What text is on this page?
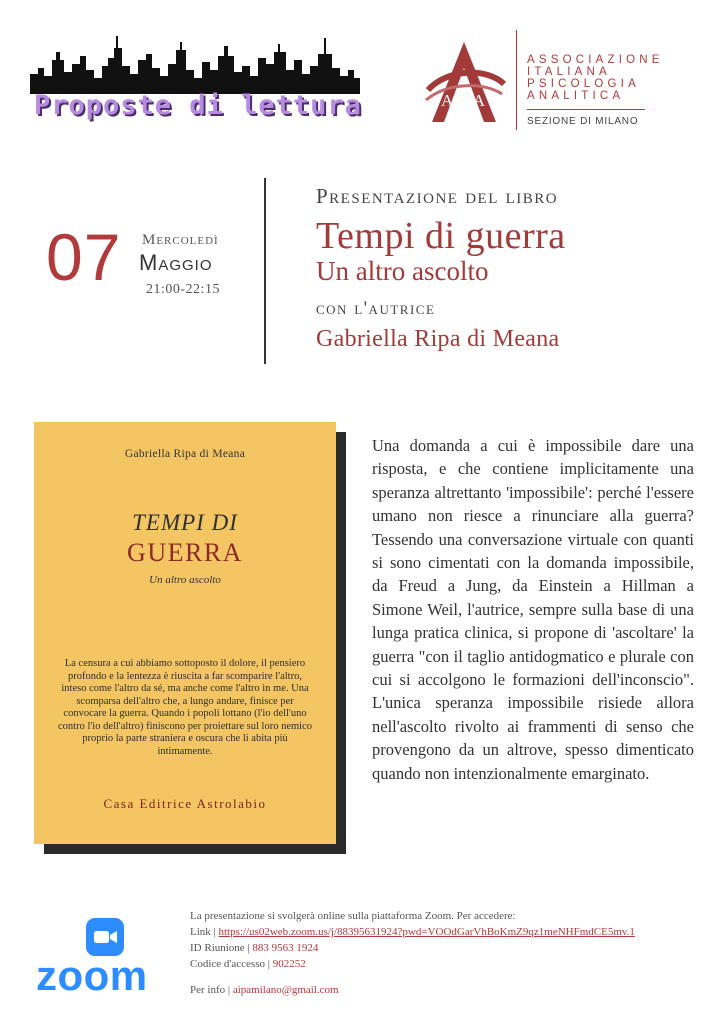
Proposte di lettura	AIPA
ASSOCIAZIONE
ITALIANA
PSICOLOGIA
ANALITICA
SEZIONE DI MILANO
07 Mercoledì
Maggio
21:00-22:15
Presentazione del libro
Tempi di guerra
Un altro ascolto
con l'autrice
Gabriella Ripa di Meana
Gabriella Ripa di Meana
TEMPI DI
GUERRA
Un altro ascolto
La censura a cui abbiamo sottoposto il dolore, il pensiero profondo e la lentezza è riuscita a far scomparire l'altro, inteso come l'altro da sé, ma anche come l'altro in me. Una scomparsa dell'altro che, a lungo andare, finisce per convocare la guerra. Quando i popoli lottano (l'io dell'uno contro l'io dell'altro) finiscono per proiettare sul loro nemico proprio la parte straniera e oscura che li abita più intimamente.
Casa Editrice Astrolabio
Una domanda a cui è impossibile dare una risposta, e che contiene implicitamente una speranza altrettanto 'impossibile': perché l'essere umano non riesce a rinunciare alla guerra? Tessendo una conversazione virtuale con quanti si sono cimentati con la domanda impossibile, da Freud a Jung, da Einstein a Hillman a Simone Weil, l'autrice, sempre sulla base di una lunga pratica clinica, si propone di 'ascoltare' la guerra "con il taglio antidogmatico e plurale con cui si accolgono le formazioni dell'inconscio". L'unica speranza impossibile risiede allora nell'ascolto rivolto ai frammenti di senso che provengono da un altrove, spesso dimenticato quando non intenzionalmente emarginato.
zoom
La presentazione si svolgerà online sulla piattaforma Zoom. Per accedere:
Link | https://us02web.zoom.us/j/88395631924?pwd=VOOdGarVhBoKmZ9qz1meNHFmdCE5mv.1
ID Riunione | 883 9563 1924
Codice d'accesso | 902252
Per info | aipamilano@gmail.com
